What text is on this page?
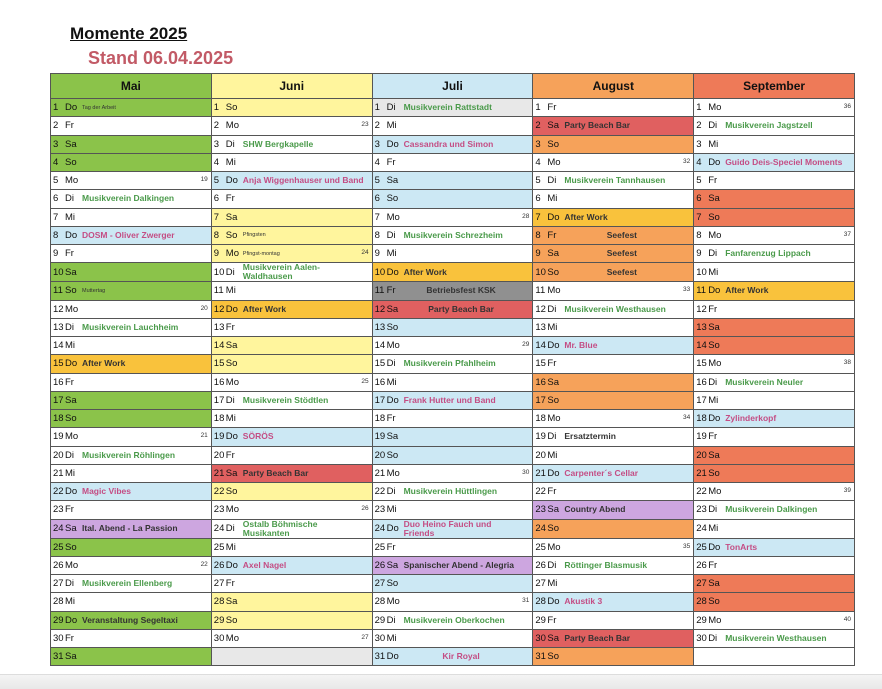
Momente 2025
Stand 06.04.2025
Mai	Juni	Juli	August	September
1 Do Tag der Arbeit	1 So	1 Di Musikverein Rattstadt	1 Fr	1 Mo 36

2 Fr	2 Mo 23	2 Mi	2 Sa Party Beach Bar	2 Di Musikverein Jagstzell
3 Sa	3 Di SHW Bergkapelle	3 Do Cassandra und Simon	3 So	3 Mi
4 So	4 Mi	4 Fr	4 Mo 32	4 Do Guido Deis-Speciel Moments
5 Mo 19	5 Do Anja Wiggenhauser und Band	5 Sa	5 Di Musikverein Tannhausen	5 Fr
6 Di Musikverein Dalkingen	6 Fr	6 So	6 Mi	6 Sa
7 Mi	7 Sa	7 Mo 28	7 Do After Work	7 So
8 Do DOSM - Oliver Zwerger	8 So Pfingsten	8 Di Musikverein Schrezheim	8 Fr Seefest	8 Mo 37

9 Fr	9 Mo Pfingst-montag 24	9 Mi	9 Sa Seefest	9 Di Fanfarenzug Lippach
10Sa	10Di Musikverein Aalen-Waldhausen	10Do After Work	10So Seefest	10Mi
11 So Muttertag	11 Mi	11 Fr Betriebsfest KSK	11 Mo 33	11 Do After Work
12Mo 20	12Do After Work	12Sa Party Beach Bar	12Di Musikverein Westhausen	12Fr
13Di Musikverein Lauchheim	13Fr	13So	13Mi	13Sa
14Mi	14Sa	14Mo 29	14Do Mr. Blue	14So
15Do After Work	15So	15Di Musikverein Pfahlheim	15Fr	15Mo 38

16Fr	16Mo 25	16Mi	16Sa	16Di Musikverein Neuler
17Sa	17Di Musikverein Stödtlen	17Do Frank Hutter und Band	17So	17Mi
18So	18Mi	18Fr	18Mo 34	18Do Zylinderkopf
19Mo 21	19Do SÖRÖS	19Sa	19Di Ersatztermin	19Fr
20Di Musikverein Röhlingen	20Fr	20So	20Mi	20Sa
21Mi	21Sa Party Beach Bar	21Mo 30	21Do Carpenter´s Cellar	21So
22Do Magic Vibes	22So	22Di Musikverein Hüttlingen	22Fr	22Mo 39

23Fr	23Mo 26	23Mi	23Sa Country Abend	23Di Musikverein Dalkingen
24Sa Ital. Abend - La Passion	24Di Ostalb Böhmische Musikanten	24Do Duo Heino Fauch und Friends	24So	24Mi
25So	25Mi	25Fr	25Mo 35	25Do TonArts
26Mo 22	26Do Axel Nagel	26Sa Spanischer Abend - Alegria	26Di Röttinger Blasmusik	26Fr
27Di Musikverein Ellenberg	27Fr	27So	27Mi	27Sa
28Mi	28Sa	28Mo 31	28Do Akustik 3	28So
29Do Veranstaltung Segeltaxi	29So	29Di Musikverein Oberkochen	29Fr	29Mo 40

30Fr	30Mo 27	30Mi	30Sa Party Beach Bar	30Di Musikverein Westhausen
31Sa		31Do Kir Royal	31So	
